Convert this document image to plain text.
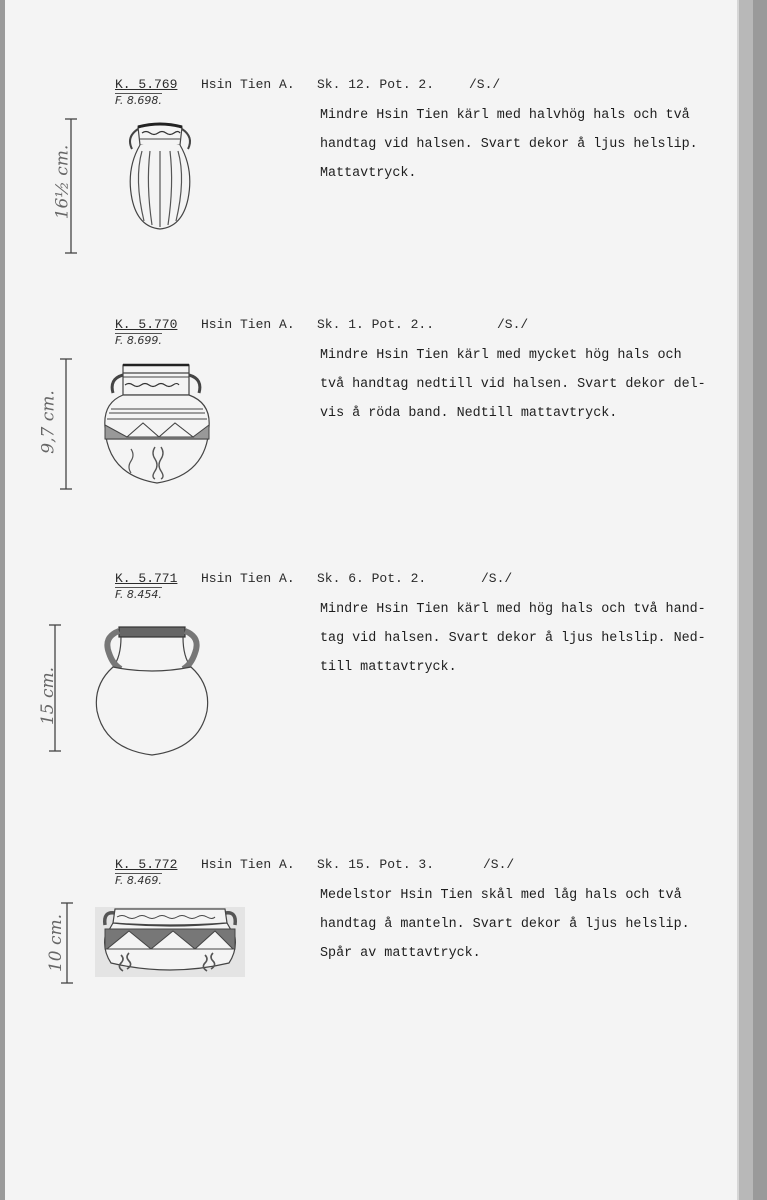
K. 5.769
F. 8.698.
Hsin Tien A. Sk. 12. Pot. 2.	/S./
Mindre Hsin Tien kärl med halvhög hals och två
handtag vid halsen. Svart dekor å ljus helslip.
Mattavtryck.
16½ cm.
K. 5.770
F. 8.699.
Hsin Tien A. Sk. 1. Pot. 2..	/S./
Mindre Hsin Tien kärl med mycket hög hals och
två handtag nedtill vid halsen. Svart dekor del-
vis å röda band. Nedtill mattavtryck.
9,7 cm.
K. 5.771
F. 8.454.
Hsin Tien A. Sk. 6. Pot. 2.	/S./
Mindre Hsin Tien kärl med hög hals och två hand-
tag vid halsen. Svart dekor å ljus helslip. Ned-
till mattavtryck.
15 cm.
K. 5.772
F. 8.469.
Hsin Tien A. Sk. 15. Pot. 3.	/S./
Medelstor Hsin Tien skål med låg hals och två
handtag å manteln. Svart dekor å ljus helslip.
Spår av mattavtryck.
10 cm.
